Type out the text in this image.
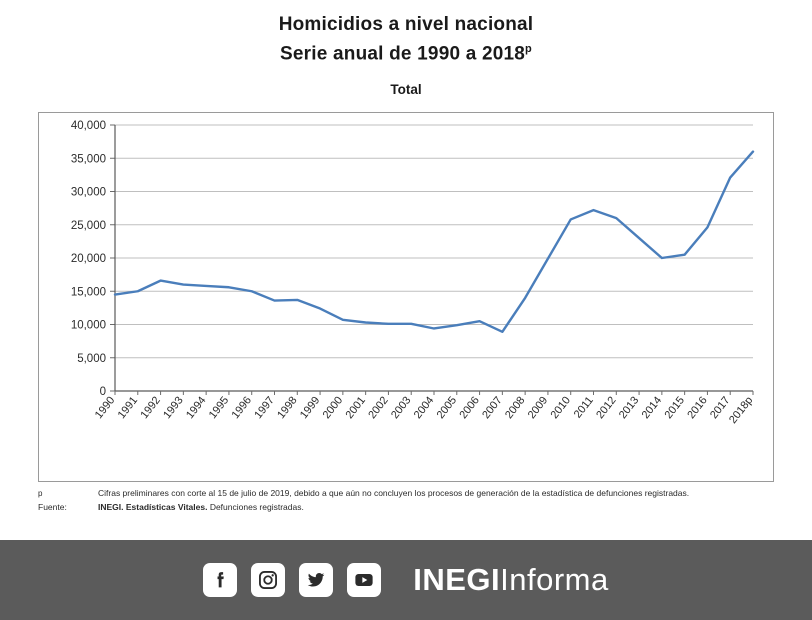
Homicidios a nivel nacional
Serie anual de 1990 a 2018$^p$
Total
0
5,000
10,000
15,000
20,000
25,000
30,000
35,000
40,000
1990
1991
1992
1993
1994
1995
1996
1997
1998
1999
2000
2001
2002
2003
2004
2005
2006
2007
2008
2009
2010
2011
2012
2013
2014
2015
2016
2017
2018p
p	Cifras preliminares con corte al 15 de julio de 2019, debido a que aún no concluyen los procesos de generación de la estadística de defunciones registradas.
Fuente:	INEGI. Estadísticas Vitales. Defunciones registradas.
INEGIInforma
